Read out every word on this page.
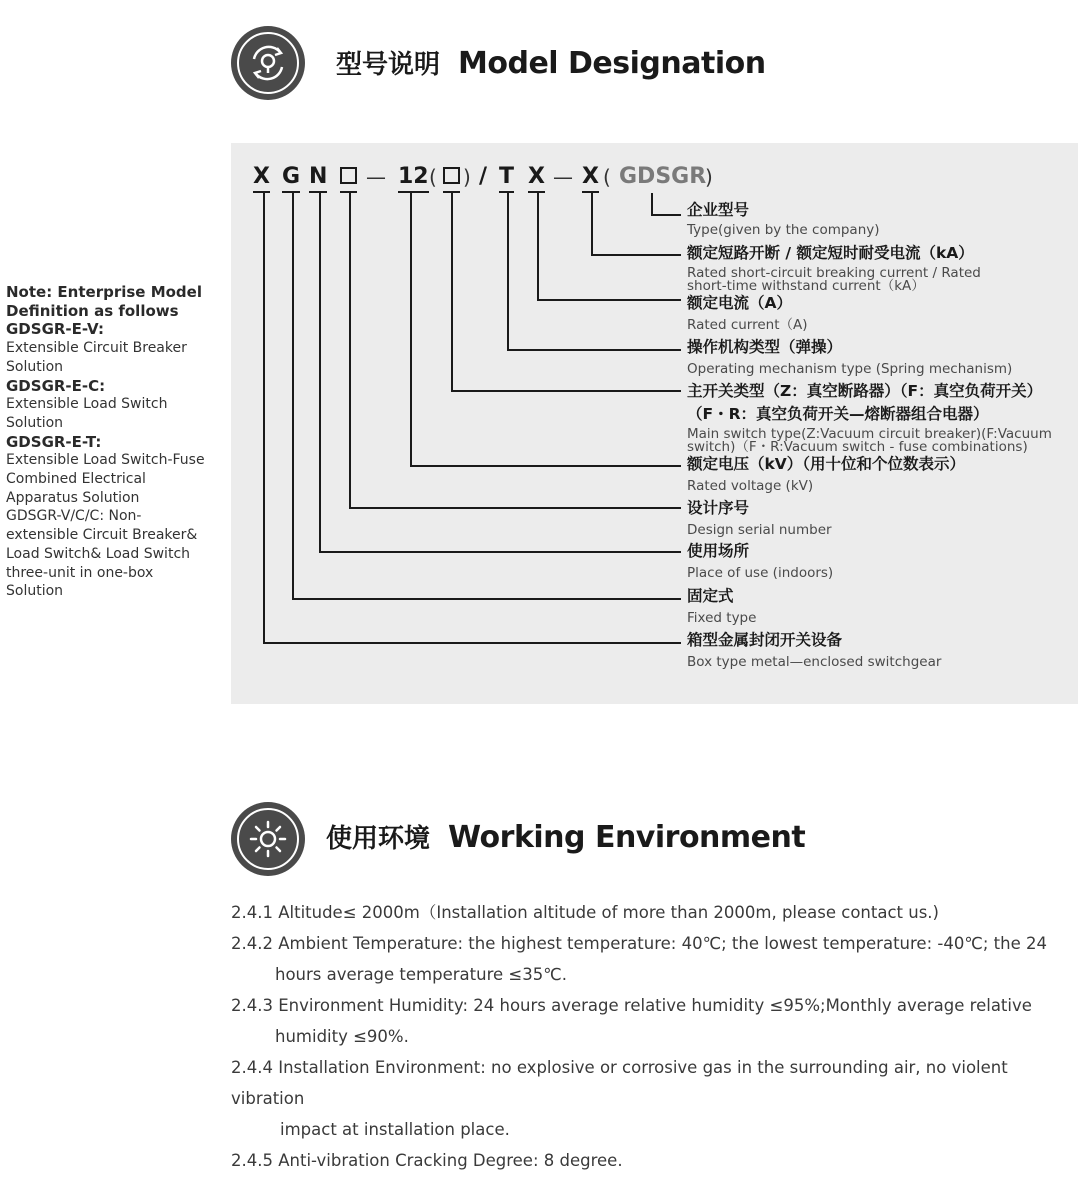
型号说明 Model Designation
Note: Enterprise Model Definition as follows
GDSGR-E-V:
Extensible Circuit Breaker Solution
GDSGR-E-C:
Extensible Load Switch Solution
GDSGR-E-T:
Extensible Load Switch-Fuse Combined Electrical Apparatus Solution
GDSGR-V/C/C: Non-extensible Circuit Breaker& Load Switch& Load Switch three-unit in one-box Solution
X G N — 12 ( ) / T X — X ( GDSGR
)
企业型号
Type(given by the company)
额定短路开断 / 额定短时耐受电流（kA）
Rated short-circuit breaking current / Rated
short-time withstand current（kA）
额定电流（A）
Rated current（A)
操作机构类型（弹操）
Operating mechanism type (Spring mechanism)
主开关类型（Z：真空断路器）（F：真空负荷开关）
（F・R：真空负荷开关—熔断器组合电器）
Main switch type(Z:Vacuum circuit breaker)(F:Vacuum
switch)（F・R:Vacuum switch - fuse combinations)
额定电压（kV）（用十位和个位数表示）
Rated voltage (kV)
设计序号
Design serial number
使用场所
Place of use (indoors)
固定式
Fixed type
箱型金属封闭开关设备
Box type metal—enclosed switchgear
使用环境 Working Environment
2.4.1 Altitude≤ 2000m（Installation altitude of more than 2000m, please contact us.)
2.4.2 Ambient Temperature: the highest temperature: 40℃; the lowest temperature: -40℃; the 24
hours average temperature ≤35℃.
2.4.3 Environment Humidity: 24 hours average relative humidity ≤95%;Monthly average relative
humidity ≤90%.
2.4.4 Installation Environment: no explosive or corrosive gas in the surrounding air, no violent vibration
impact at installation place.
2.4.5 Anti-vibration Cracking Degree: 8 degree.
